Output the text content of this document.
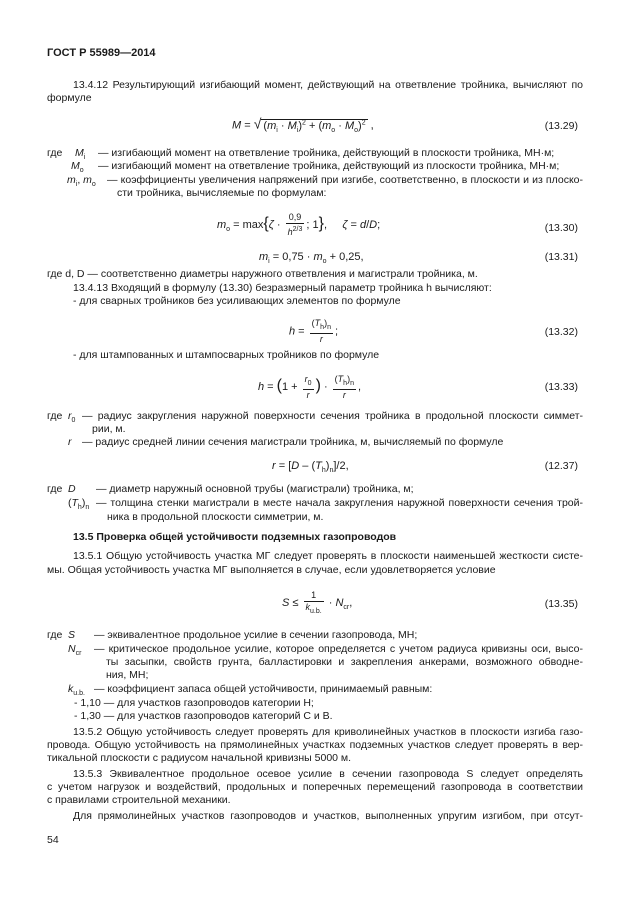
ГОСТ Р 55989—2014
13.4.12 Результирующий изгибающий момент, действующий на ответвление тройника, вычисляют по
формуле
M = √ $(m_i \cdot M_i)^2 + (m_o \cdot M_o)^2$ ,	(13.29)
где $M_i$ — изгибающий момент на ответвление тройника, действующий в плоскости тройника, МН·м;
$M_o$ — изгибающий момент на ответвление тройника, действующий из плоскости тройника, МН·м;
$m_i$, $m_o$ — коэффициенты увеличения напряжений при изгибе, соответственно, в плоскости и из плоско-
сти тройника, вычисляемые по формулам:
$m_o = \max\{\zeta \cdot \frac{0,9}{h^{2/3}}$ ; 1},     ζ = d/D;	(13.30)
$m_i = 0,75 \cdot m_o + 0,25$,	(13.31)
где d, D — соответственно диаметры наружного ответвления и магистрали тройника, м.
13.4.13 Входящий в формулу (13.30) безразмерный параметр тройника h вычисляют:
- для сварных тройников без усиливающих элементов по формуле
$h = \frac{(T_h)_n}{r}$ ;	(13.32)
- для штампованных и штампосварных тройников по формуле
$h = (1 + \frac{r_0}{r}$ ) · $\frac{(T_h)_n}{r}$ ,	(13.33)
где $r_0$ — радиус закругления наружной поверхности сечения тройника в продольной плоскости симмет-
рии, м.
r — радиус средней линии сечения магистрали тройника, м, вычисляемый по формуле
$r = [D - (T_h)_n]/2$,	(12.37)
где D — диаметр наружный основной трубы (магистрали) тройника, м;
$(T_h)_n$ — толщина стенки магистрали в месте начала закругления наружной поверхности сечения трой-
ника в продольной плоскости симметрии, м.
13.5 Проверка общей устойчивости подземных газопроводов
13.5.1 Общую устойчивость участка МГ следует проверять в плоскости наименьшей жесткости систе-
мы. Общая устойчивость участка МГ выполняется в случае, если удовлетворяется условие
$S \le \frac{1}{k_{u.b.}} \cdot N_{cr}$,	(13.35)
где S — эквивалентное продольное усилие в сечении газопровода, МН;
$N_{cr}$ — критическое продольное усилие, которое определяется с учетом радиуса кривизны оси, высо-
ты засыпки, свойств грунта, балластировки и закрепления анкерами, возможного обводне-
ния, МН;
$k_{u.b.}$ — коэффициент запаса общей устойчивости, принимаемый равным:
- 1,10 — для участков газопроводов категории Н;
- 1,30 — для участков газопроводов категорий С и В.
13.5.2 Общую устойчивость следует проверять для криволинейных участков в плоскости изгиба газо-
провода. Общую устойчивость на прямолинейных участках подземных участков следует проверять в вер-
тикальной плоскости с радиусом начальной кривизны 5000 м.
13.5.3 Эквивалентное продольное осевое усилие в сечении газопровода S следует определять
с учетом нагрузок и воздействий, продольных и поперечных перемещений газопровода в соответствии
с правилами строительной механики.
Для прямолинейных участков газопроводов и участков, выполненных упругим изгибом, при отсут-
54
